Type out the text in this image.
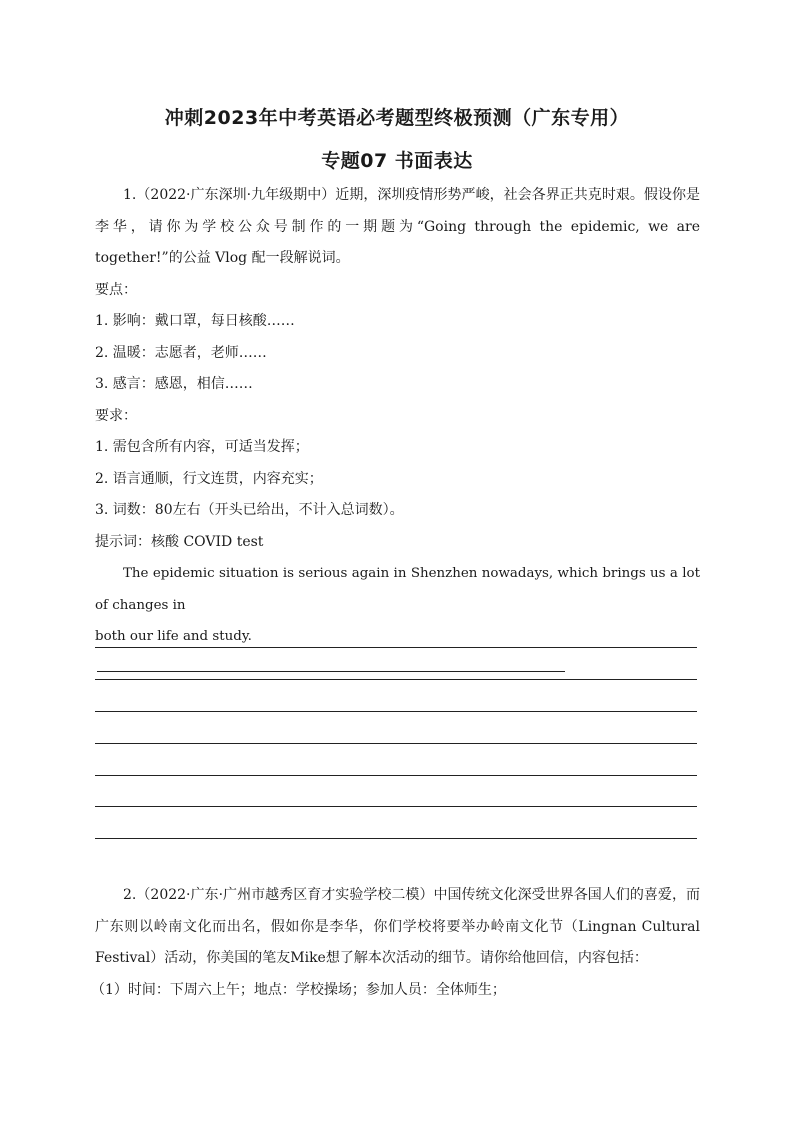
冲刺2023年中考英语必考题型终极预测（广东专用）
专题07 书面表达

1.（2022·广东深圳·九年级期中）近期，深圳疫情形势严峻，社会各界正共克时艰。假设你是李华，请你为学校公众号制作的一期题为“Going through the epidemic, we are together!”的公益 Vlog 配一段解说词。

要点：

1. 影响：戴口罩，每日核酸……

2. 温暖：志愿者，老师……

3. 感言：感恩，相信……

要求：

1. 需包含所有内容，可适当发挥；

2. 语言通顺，行文连贯，内容充实；

3. 词数：80左右（开头已给出，不计入总词数）。

提示词：核酸 COVID test

The epidemic situation is serious again in Shenzhen nowadays, which brings us a lot of changes in

both our life and study.

2.（2022·广东·广州市越秀区育才实验学校二模）中国传统文化深受世界各国人们的喜爱，而广东则以岭南文化而出名，假如你是李华，你们学校将要举办岭南文化节（Lingnan Cultural Festival）活动，你美国的笔友Mike想了解本次活动的细节。请你给他回信，内容包括：

（1）时间：下周六上午；地点：学校操场；参加人员：全体师生；
